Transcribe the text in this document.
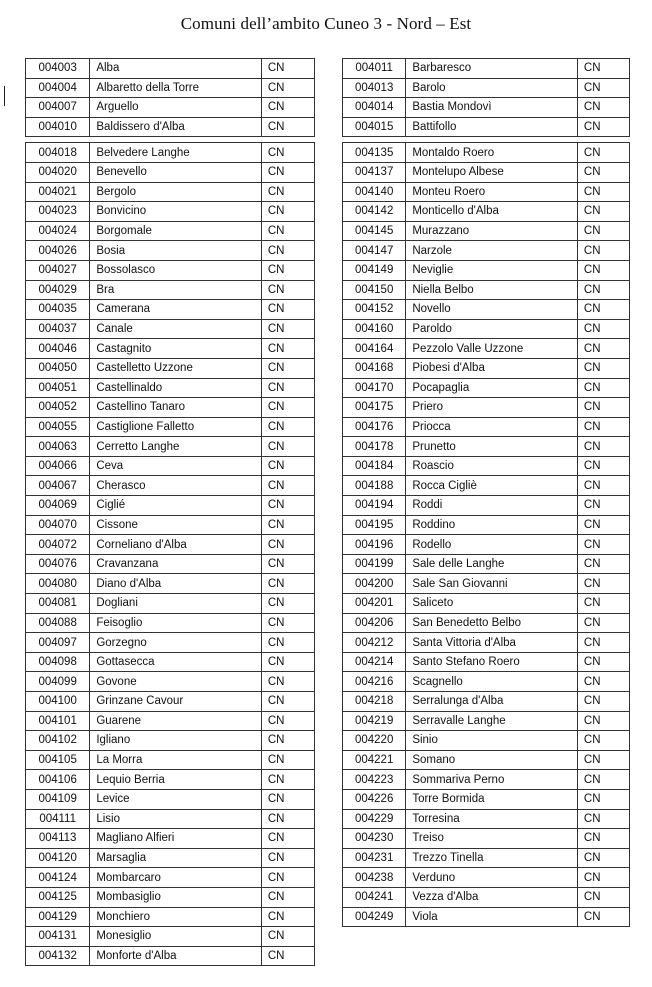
Comuni dell’ambito Cuneo 3 - Nord – Est
004003	Alba	CN
004004	Albaretto della Torre	CN
004007	Arguello	CN
004010	Baldissero d'Alba	CN

004018	Belvedere Langhe	CN
004020	Benevello	CN
004021	Bergolo	CN
004023	Bonvicino	CN
004024	Borgomale	CN
004026	Bosia	CN
004027	Bossolasco	CN
004029	Bra	CN
004035	Camerana	CN
004037	Canale	CN
004046	Castagnito	CN
004050	Castelletto Uzzone	CN
004051	Castellinaldo	CN
004052	Castellino Tanaro	CN
004055	Castiglione Falletto	CN
004063	Cerretto Langhe	CN
004066	Ceva	CN
004067	Cherasco	CN
004069	Ciglié	CN
004070	Cissone	CN
004072	Corneliano d'Alba	CN
004076	Cravanzana	CN
004080	Diano d'Alba	CN
004081	Dogliani	CN
004088	Feisoglio	CN
004097	Gorzegno	CN
004098	Gottasecca	CN
004099	Govone	CN
004100	Grinzane Cavour	CN
004101	Guarene	CN
004102	Igliano	CN
004105	La Morra	CN
004106	Lequio Berria	CN
004109	Levice	CN
004111	Lisio	CN
004113	Magliano Alfieri	CN
004120	Marsaglia	CN
004124	Mombarcaro	CN
004125	Mombasiglio	CN
004129	Monchiero	CN
004131	Monesiglio	CN
004132	Monforte d'Alba	CN
004011	Barbaresco	CN
004013	Barolo	CN
004014	Bastia Mondovì	CN
004015	Battifollo	CN

004135	Montaldo Roero	CN
004137	Montelupo Albese	CN
004140	Monteu Roero	CN
004142	Monticello d'Alba	CN
004145	Murazzano	CN
004147	Narzole	CN
004149	Neviglie	CN
004150	Niella Belbo	CN
004152	Novello	CN
004160	Paroldo	CN
004164	Pezzolo Valle Uzzone	CN
004168	Piobesi d'Alba	CN
004170	Pocapaglia	CN
004175	Priero	CN
004176	Priocca	CN
004178	Prunetto	CN
004184	Roascio	CN
004188	Rocca Cigliè	CN
004194	Roddi	CN
004195	Roddino	CN
004196	Rodello	CN
004199	Sale delle Langhe	CN
004200	Sale San Giovanni	CN
004201	Saliceto	CN
004206	San Benedetto Belbo	CN
004212	Santa Vittoria d'Alba	CN
004214	Santo Stefano Roero	CN
004216	Scagnello	CN
004218	Serralunga d'Alba	CN
004219	Serravalle Langhe	CN
004220	Sinio	CN
004221	Somano	CN
004223	Sommariva Perno	CN
004226	Torre Bormida	CN
004229	Torresina	CN
004230	Treiso	CN
004231	Trezzo Tinella	CN
004238	Verduno	CN
004241	Vezza d'Alba	CN
004249	Viola	CN
